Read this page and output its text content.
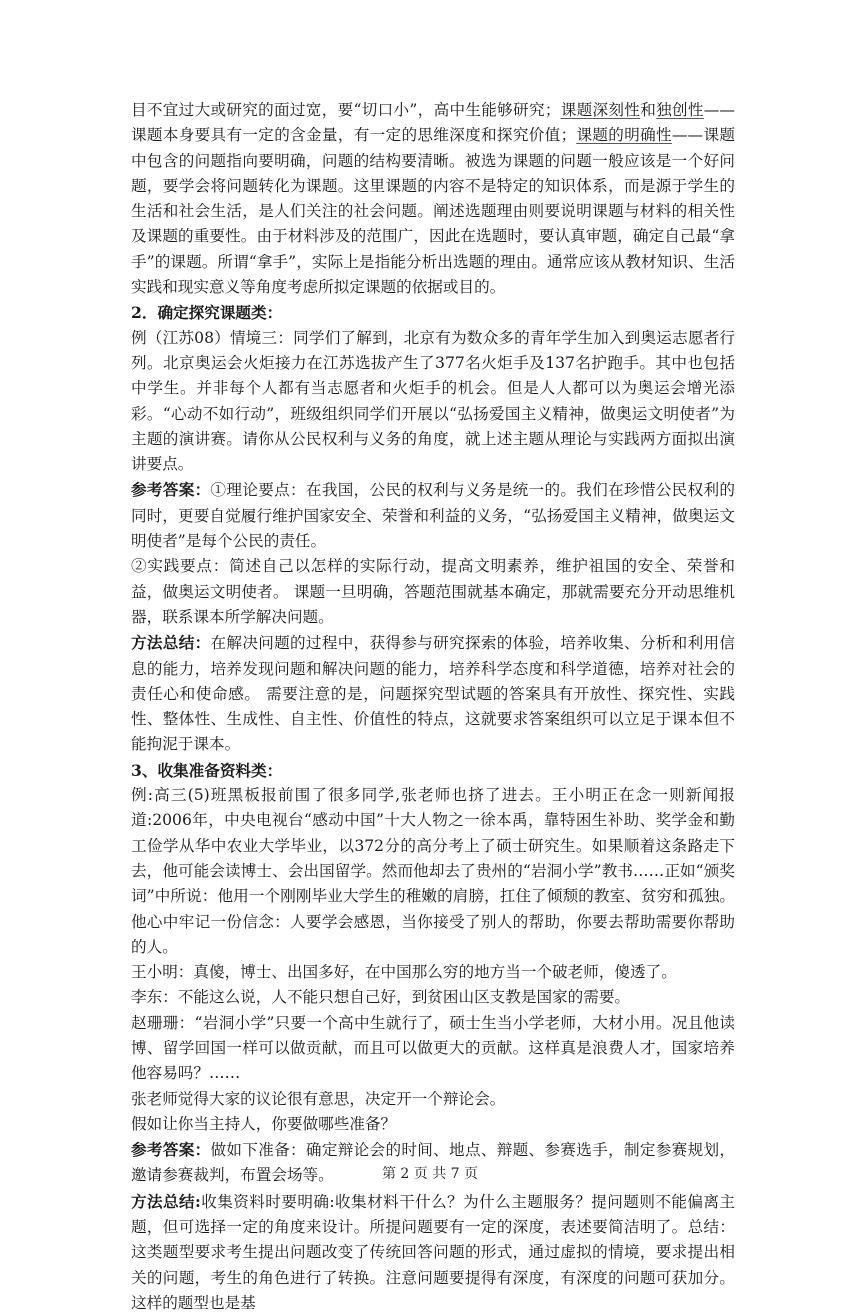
目不宜过大或研究的面过宽，要“切口小”，高中生能够研究；课题深刻性和独创性——课题本身要具有一定的含金量，有一定的思维深度和探究价值；课题的明确性——课题中包含的问题指向要明确，问题的结构要清晰。被选为课题的问题一般应该是一个好问题，要学会将问题转化为课题。这里课题的内容不是特定的知识体系，而是源于学生的生活和社会生活，是人们关注的社会问题。阐述选题理由则要说明课题与材料的相关性及课题的重要性。由于材料涉及的范围广，因此在选题时，要认真审题，确定自己最“拿手”的课题。所谓“拿手”，实际上是指能分析出选题的理由。通常应该从教材知识、生活实践和现实意义等角度考虑所拟定课题的依据或目的。

2．确定探究课题类：

例（江苏08）情境三：同学们了解到，北京有为数众多的青年学生加入到奥运志愿者行列。北京奥运会火炬接力在江苏选拔产生了377名火炬手及137名护跑手。其中也包括中学生。并非每个人都有当志愿者和火炬手的机会。但是人人都可以为奥运会增光添彩。“心动不如行动”，班级组织同学们开展以“弘扬爱国主义精神，做奥运文明使者”为主题的演讲赛。请你从公民权利与义务的角度，就上述主题从理论与实践两方面拟出演讲要点。

参考答案：①理论要点：在我国，公民的权利与义务是统一的。我们在珍惜公民权利的同时，更要自觉履行维护国家安全、荣誉和利益的义务，“弘扬爱国主义精神，做奥运文明使者”是每个公民的责任。

②实践要点：简述自己以怎样的实际行动，提高文明素养，维护祖国的安全、荣誉和益，做奥运文明使者。 课题一旦明确，答题范围就基本确定，那就需要充分开动思维机器，联系课本所学解决问题。

方法总结：在解决问题的过程中，获得参与研究探索的体验，培养收集、分析和利用信息的能力，培养发现问题和解决问题的能力，培养科学态度和科学道德，培养对社会的责任心和使命感。 需要注意的是，问题探究型试题的答案具有开放性、探究性、实践性、整体性、生成性、自主性、价值性的特点，这就要求答案组织可以立足于课本但不能拘泥于课本。

3、收集准备资料类：

例:高三(5)班黑板报前围了很多同学,张老师也挤了进去。王小明正在念一则新闻报道:2006年，中央电视台“感动中国”十大人物之一徐本禹，靠特困生补助、奖学金和勤工俭学从华中农业大学毕业，以372分的高分考上了硕士研究生。如果顺着这条路走下去，他可能会读博士、会出国留学。然而他却去了贵州的“岩洞小学”教书……正如“颁奖词”中所说：他用一个刚刚毕业大学生的稚嫩的肩膀，扛住了倾颓的教室、贫穷和孤独。他心中牢记一份信念：人要学会感恩，当你接受了别人的帮助，你要去帮助需要你帮助的人。

王小明：真傻，博士、出国多好，在中国那么穷的地方当一个破老师，傻透了。

李东：不能这么说，人不能只想自己好，到贫困山区支教是国家的需要。

赵珊珊：“岩洞小学”只要一个高中生就行了，硕士生当小学老师，大材小用。况且他读博、留学回国一样可以做贡献，而且可以做更大的贡献。这样真是浪费人才，国家培养他容易吗？……

张老师觉得大家的议论很有意思，决定开一个辩论会。

假如让你当主持人，你要做哪些准备？

参考答案：做如下准备：确定辩论会的时间、地点、辩题、参赛选手，制定参赛规划，邀请参赛裁判，布置会场等。

方法总结:收集资料时要明确:收集材料干什么？为什么主题服务？提问题则不能偏离主题，但可选择一定的角度来设计。所提问题要有一定的深度，表述要简洁明了。总结：这类题型要求考生提出问题改变了传统回答问题的形式，通过虚拟的情境，要求提出相关的问题，考生的角色进行了转换。注意问题要提得有深度，有深度的问题可获加分。这样的题型也是基

第 2 页 共 7 页
